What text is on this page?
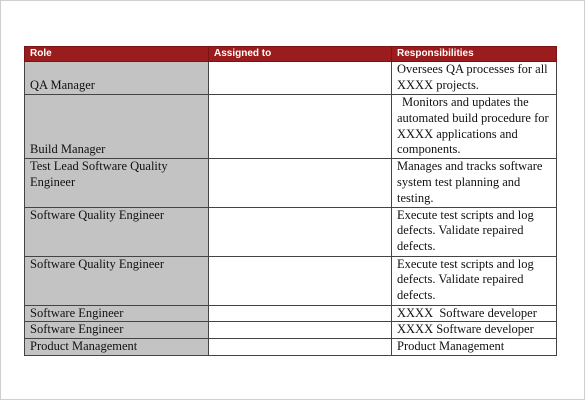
Role	Assigned to	Responsibilities
QA Manager		Oversees QA processes for all XXXX projects.
Build Manager		Monitors and updates the automated build procedure for XXXX applications and components.
Test Lead Software Quality Engineer		Manages and tracks software system test planning and testing.
Software Quality Engineer		Execute test scripts and log defects. Validate repaired defects.
Software Quality Engineer		Execute test scripts and log defects. Validate repaired defects.
Software Engineer		XXXX  Software developer
Software Engineer		XXXX Software developer
Product Management		Product Management
